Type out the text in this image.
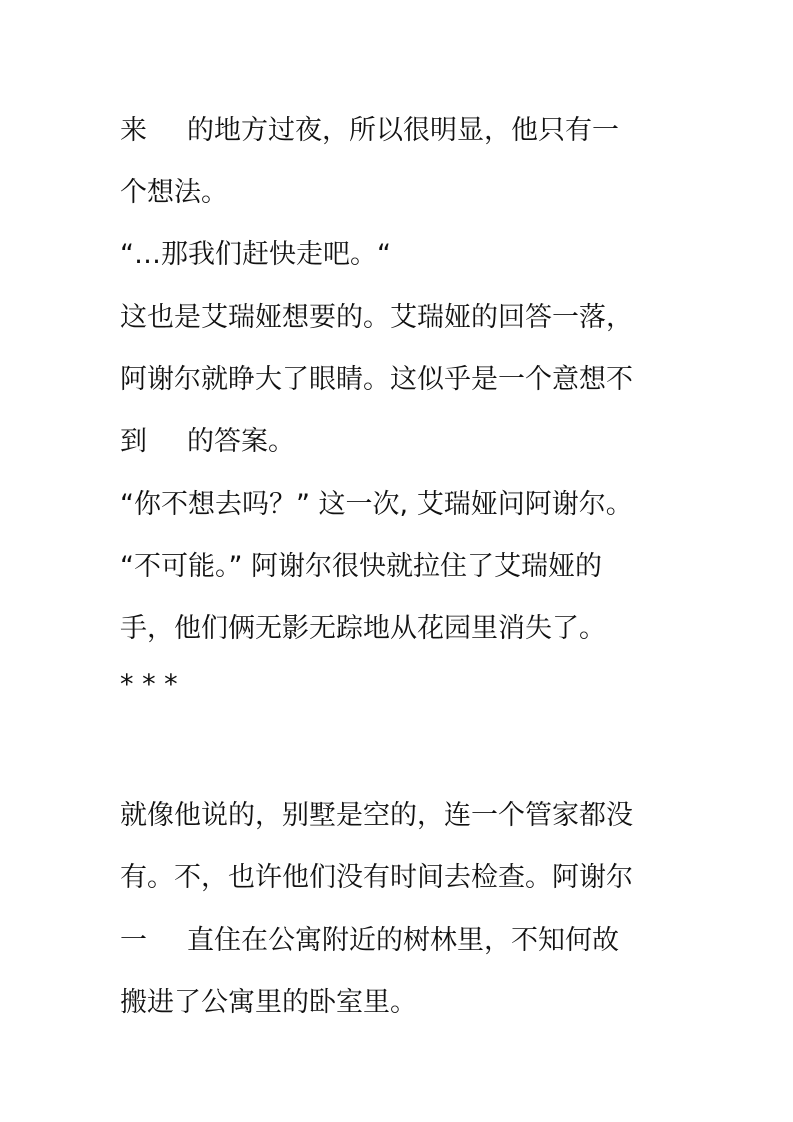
来 的地方过夜，所以很明显，他只有一
个想法。
“…那我们赶快走吧。“
这也是艾瑞娅想要的。艾瑞娅的回答一落，
阿谢尔就睁大了眼睛。这似乎是一个意想不
到 的答案。
“你不想去吗？” 这一次, 艾瑞娅问阿谢尔。
“不可能。” 阿谢尔很快就拉住了艾瑞娅的
手，他们俩无影无踪地从花园里消失了。
* * *
就像他说的，别墅是空的，连一个管家都没
有。不，也许他们没有时间去检查。阿谢尔
一 直住在公寓附近的树林里，不知何故
搬进了公寓里的卧室里。
